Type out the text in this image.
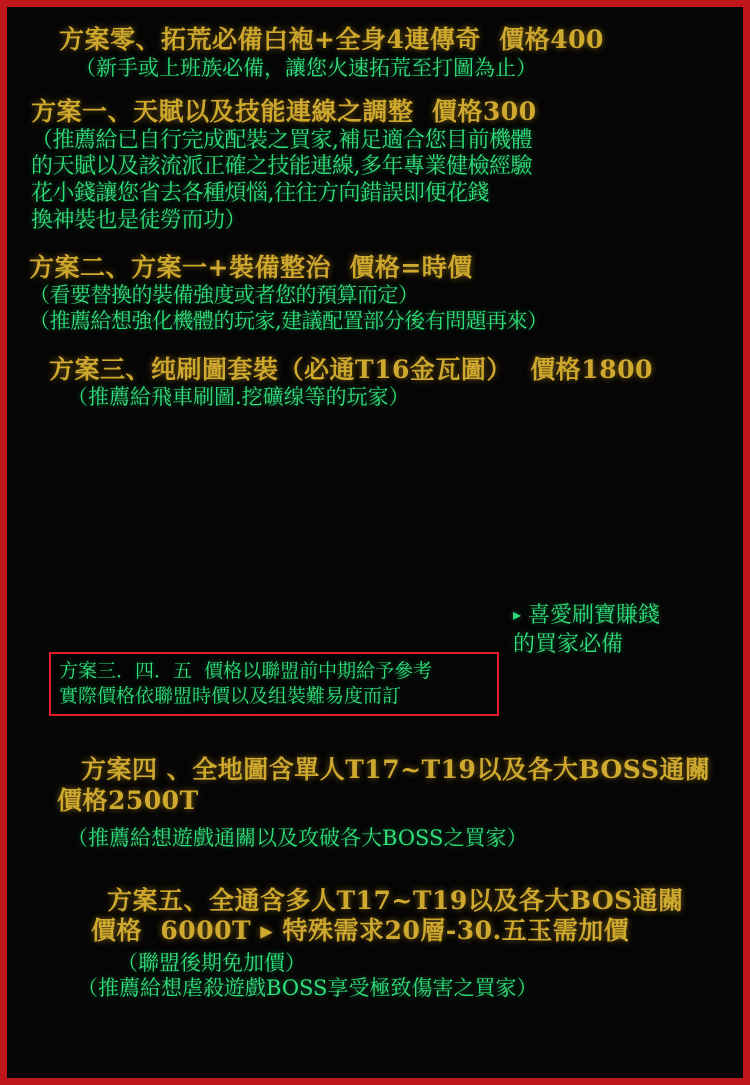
方案零、拓荒必備白袍+全身4連傳奇  價格400
（新手或上班族必備，讓您火速拓荒至打圖為止）
方案一、天賦以及技能連線之調整  價格300
（推薦給已自行完成配裝之買家,補足適合您目前機體
的天賦以及該流派正確之技能連線,多年專業健檢經驗
花小錢讓您省去各種煩惱,往往方向錯誤即便花錢
換神裝也是徒勞而功）
方案二、方案一+裝備整治  價格=時價
（看要替換的裝備強度或者您的預算而定）
（推薦給想強化機體的玩家,建議配置部分後有問題再來）
方案三、纯刷圖套裝（必通T16金瓦圖）  價格1800
（推薦給飛車刷圖.挖礦缐等的玩家）
▸ 喜愛刷寶賺錢
的買家必備
方案三．四．五  價格以聯盟前中期給予參考
實際價格依聯盟時價以及组裝難易度而訂
方案四 、全地圖含單人T17~T19以及各大BOSS通關
價格2500T
（推薦給想遊戲通關以及攻破各大BOSS之買家）
方案五、全通含多人T17~T19以及各大BOS通關
價格  6000T ▸ 特殊需求20層-30.五玉需加價
（聯盟後期免加價）
（推薦給想虐殺遊戲BOSS享受極致傷害之買家）
